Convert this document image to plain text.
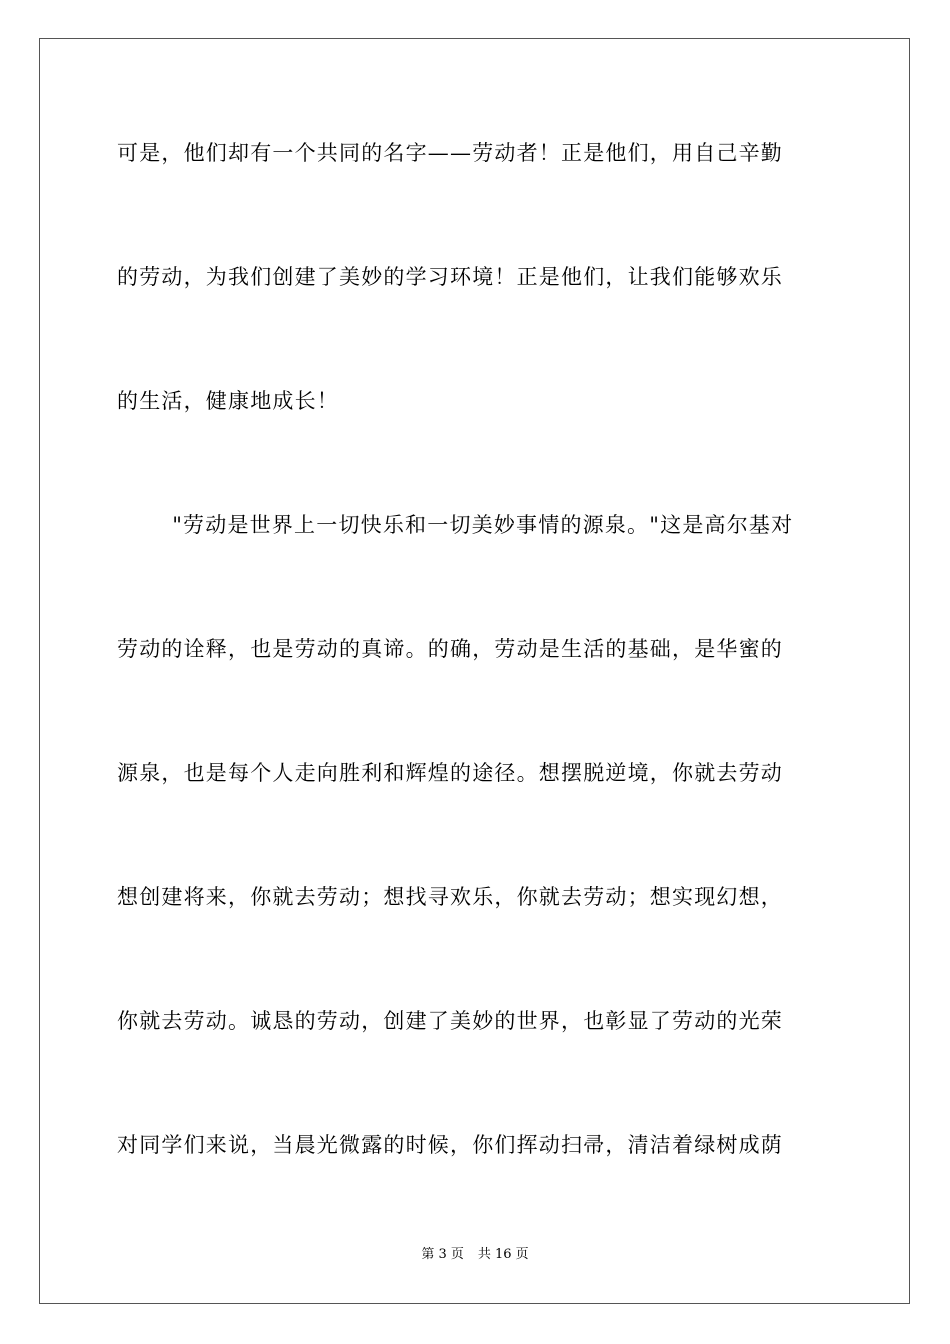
可是，他们却有一个共同的名字——劳动者！正是他们，用自己辛勤
的劳动，为我们创建了美妙的学习环境！正是他们，让我们能够欢乐
的生活，健康地成长！
　"劳动是世界上一切快乐和一切美妙事情的源泉。"这是高尔基对
劳动的诠释，也是劳动的真谛。的确，劳动是生活的基础，是华蜜的
源泉，也是每个人走向胜利和辉煌的途径。想摆脱逆境，你就去劳动
想创建将来，你就去劳动；想找寻欢乐，你就去劳动；想实现幻想，
你就去劳动。诚恳的劳动，创建了美妙的世界，也彰显了劳动的光荣
对同学们来说，当晨光微露的时候，你们挥动扫帚，清洁着绿树成荫
第 3 页 共 16 页
